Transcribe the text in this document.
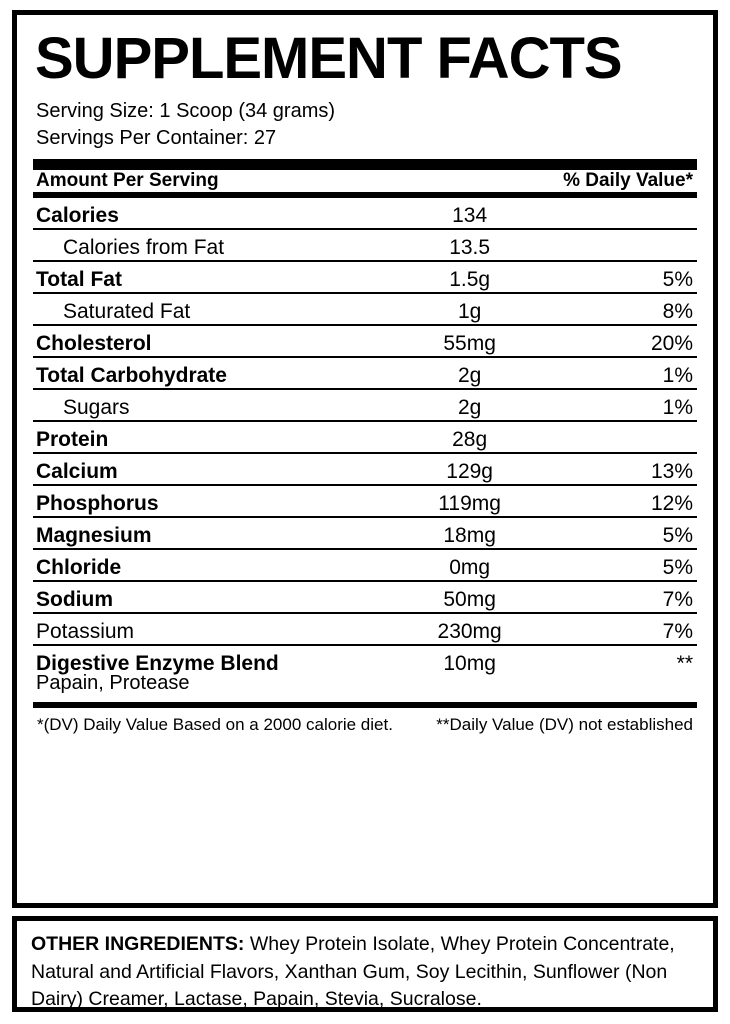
SUPPLEMENT FACTS
Serving Size: 1 Scoop (34 grams)
Servings Per Container: 27
Amount Per Serving		% Daily Value*
Calories	134	

Calories from Fat	13.5	

Total Fat	1.5g	5%

Saturated Fat	1g	8%

Cholesterol	55mg	20%

Total Carbohydrate	2g	1%

Sugars	2g	1%

Protein	28g	

Calcium	129g	13%

Phosphorus	119mg	12%

Magnesium	18mg	5%

Chloride	0mg	5%

Sodium	50mg	7%

Potassium	230mg	7%

Digestive Enzyme Blend	10mg	**
Papain, Protease
*(DV) Daily Value Based on a 2000 calorie diet.	**Daily Value (DV) not established
OTHER INGREDIENTS: Whey Protein Isolate, Whey Protein Concentrate, Natural and Artificial Flavors, Xanthan Gum, Soy Lecithin, Sunflower (Non Dairy) Creamer, Lactase, Papain, Stevia, Sucralose.
